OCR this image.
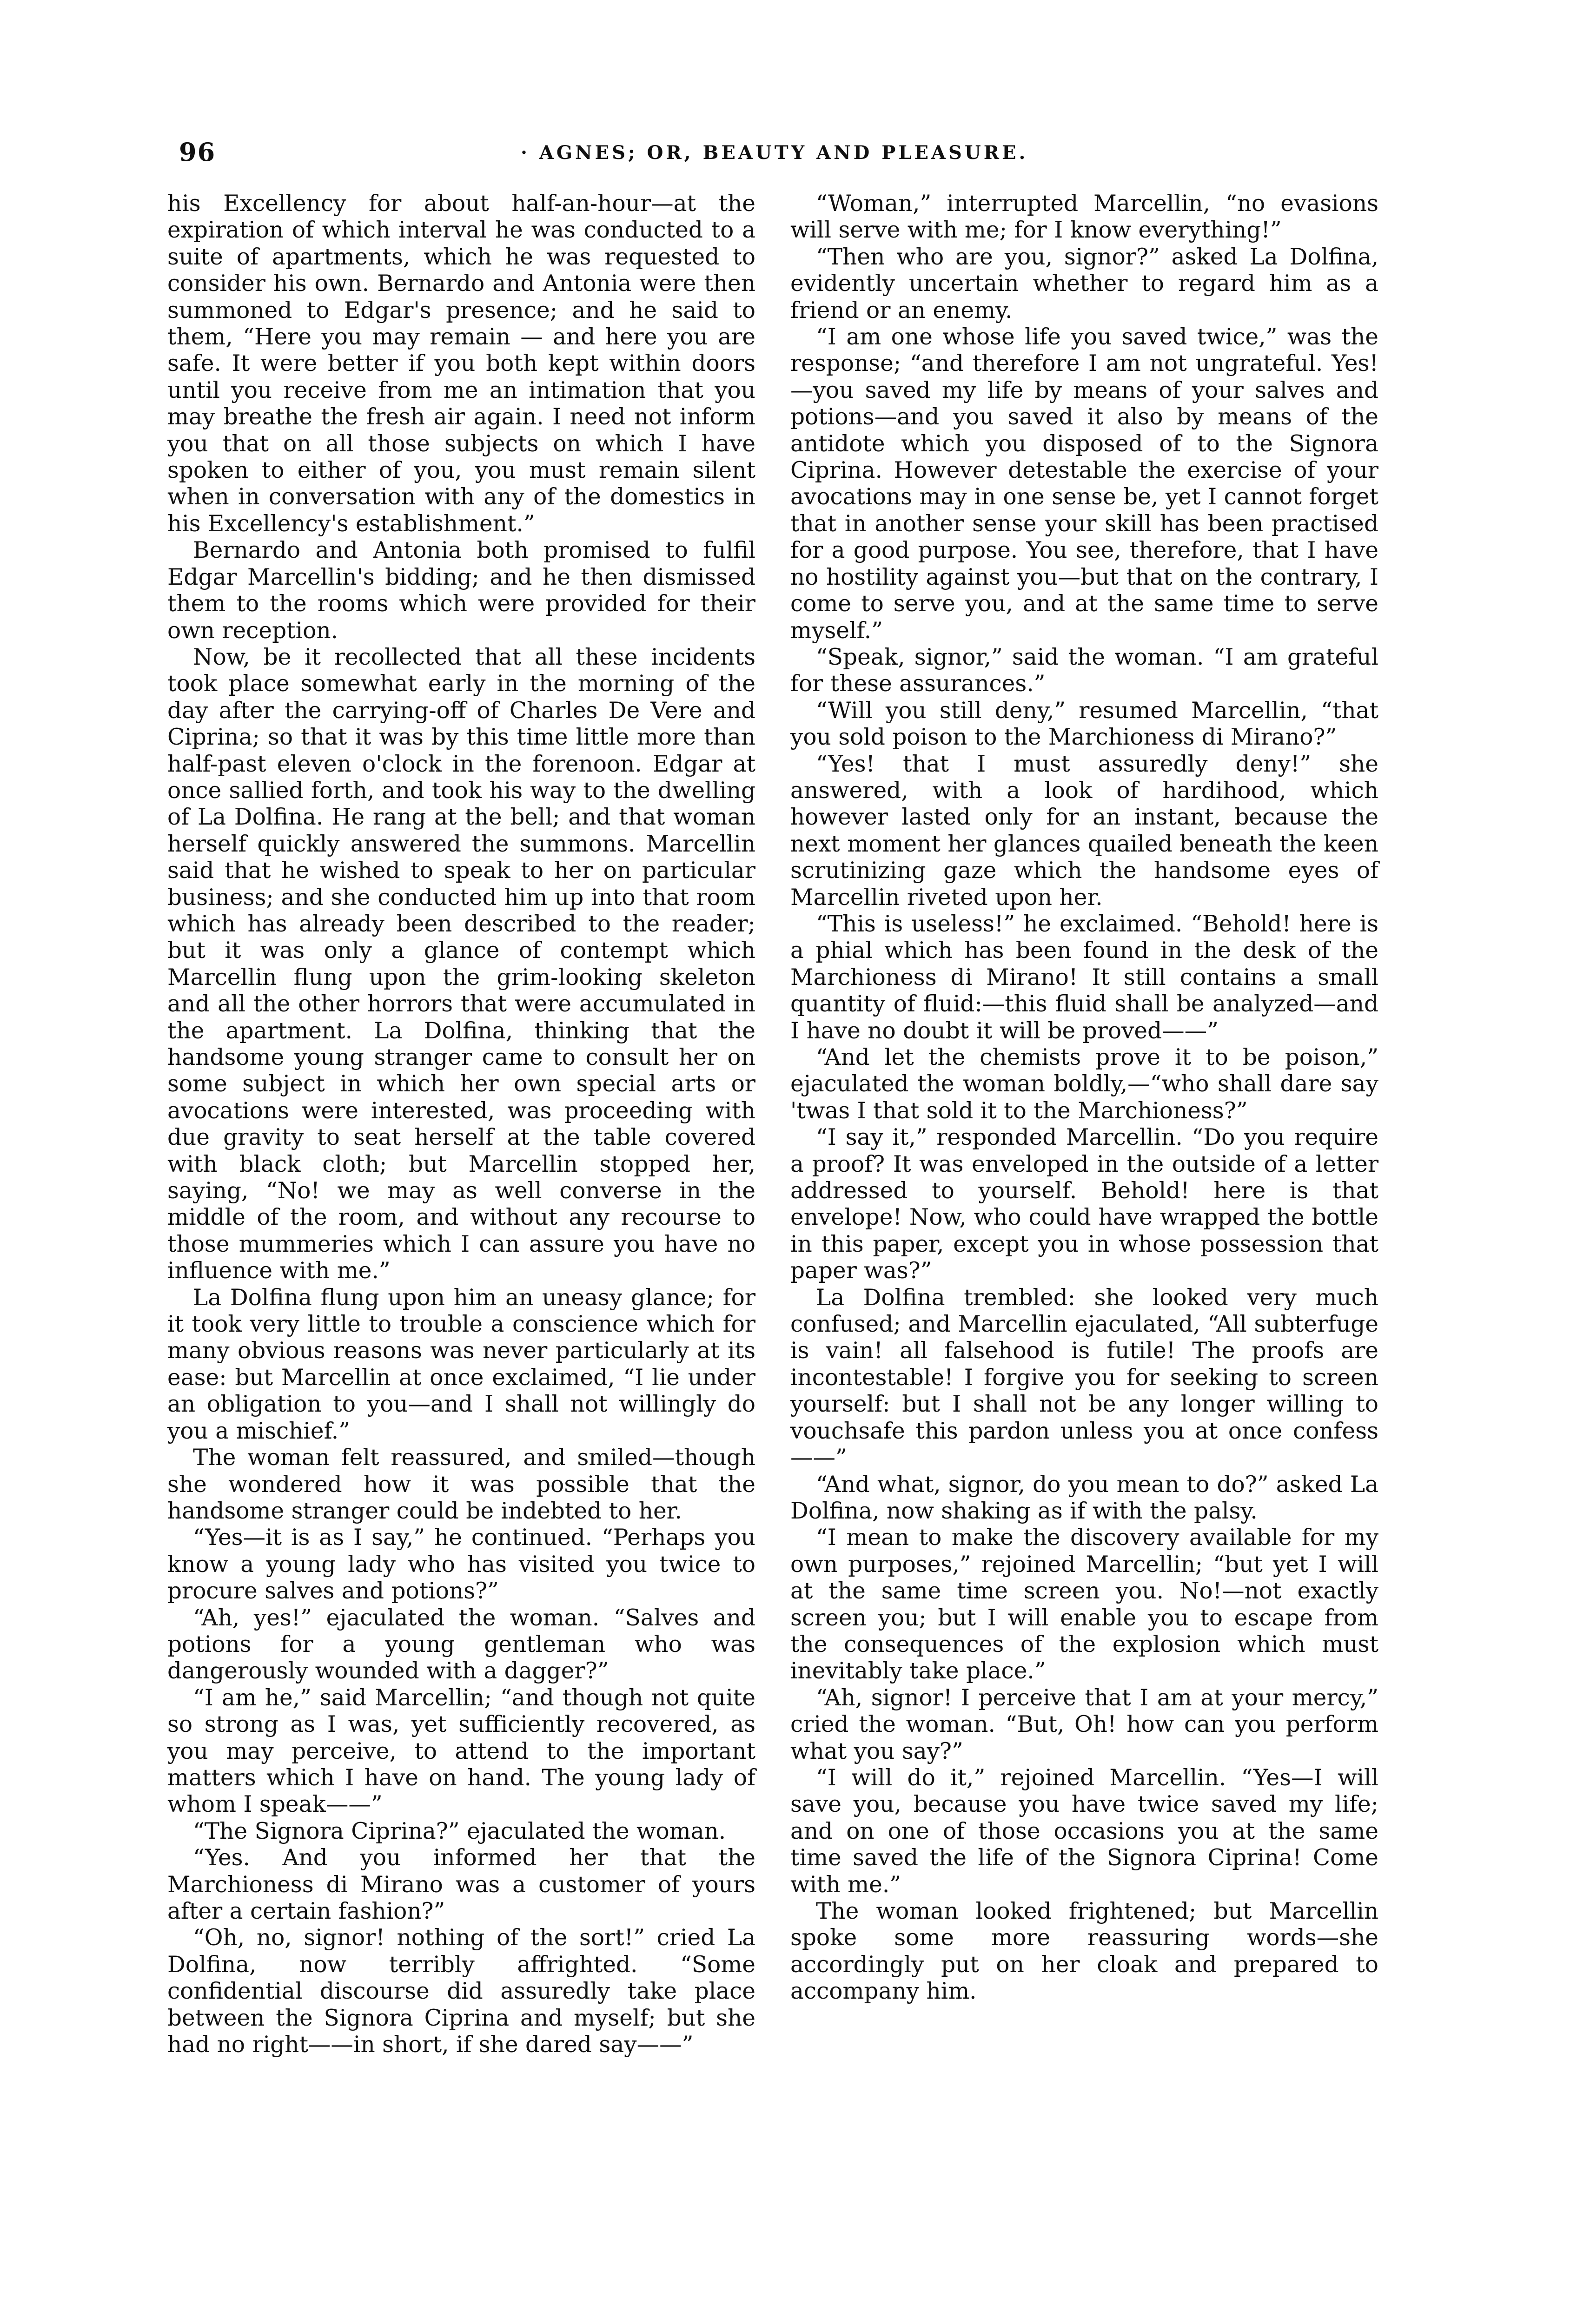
96	· AGNES; OR, BEAUTY AND PLEASURE.

his Excellency for about half-an-hour—at the expiration of which interval he was conducted to a suite of apartments, which he was requested to consider his own. Bernardo and Antonia were then summoned to Edgar's presence; and he said to them, “Here you may remain — and here you are safe. It were better if you both kept within doors until you receive from me an intimation that you may breathe the fresh air again. I need not inform you that on all those subjects on which I have spoken to either of you, you must remain silent when in conversation with any of the domestics in his Excellency's establishment.”

Bernardo and Antonia both promised to fulfil Edgar Marcellin's bidding; and he then dismissed them to the rooms which were provided for their own reception.

Now, be it recollected that all these incidents took place somewhat early in the morning of the day after the carrying-off of Charles De Vere and Ciprina; so that it was by this time little more than half-past eleven o'clock in the forenoon. Edgar at once sallied forth, and took his way to the dwelling of La Dolfina. He rang at the bell; and that woman herself quickly answered the summons. Marcellin said that he wished to speak to her on particular business; and she conducted him up into that room which has already been described to the reader; but it was only a glance of contempt which Marcellin flung upon the grim-looking skeleton and all the other horrors that were accumulated in the apartment. La Dolfina, thinking that the handsome young stranger came to consult her on some subject in which her own special arts or avocations were interested, was proceeding with due gravity to seat herself at the table covered with black cloth; but Marcellin stopped her, saying, “No! we may as well converse in the middle of the room, and without any recourse to those mummeries which I can assure you have no influence with me.”

La Dolfina flung upon him an uneasy glance; for it took very little to trouble a conscience which for many obvious reasons was never particularly at its ease: but Marcellin at once exclaimed, “I lie under an obligation to you—and I shall not willingly do you a mischief.”

The woman felt reassured, and smiled—though she wondered how it was possible that the handsome stranger could be indebted to her.

“Yes—it is as I say,” he continued. “Perhaps you know a young lady who has visited you twice to procure salves and potions?”

“Ah, yes!” ejaculated the woman. “Salves and potions for a young gentleman who was dangerously wounded with a dagger?”

“I am he,” said Marcellin; “and though not quite so strong as I was, yet sufficiently recovered, as you may perceive, to attend to the important matters which I have on hand. The young lady of whom I speak——”

“The Signora Ciprina?” ejaculated the woman.

“Yes. And you informed her that the Marchioness di Mirano was a customer of yours after a certain fashion?”

“Oh, no, signor! nothing of the sort!” cried La Dolfina, now terribly affrighted. “Some confidential discourse did assuredly take place between the Signora Ciprina and myself; but she had no right——in short, if she dared say——”

“Woman,” interrupted Marcellin, “no evasions will serve with me; for I know everything!”

“Then who are you, signor?” asked La Dolfina, evidently uncertain whether to regard him as a friend or an enemy.

“I am one whose life you saved twice,” was the response; “and therefore I am not ungrateful. Yes!—you saved my life by means of your salves and potions—and you saved it also by means of the antidote which you disposed of to the Signora Ciprina. However detestable the exercise of your avocations may in one sense be, yet I cannot forget that in another sense your skill has been practised for a good purpose. You see, therefore, that I have no hostility against you—but that on the contrary, I come to serve you, and at the same time to serve myself.”

“Speak, signor,” said the woman. “I am grateful for these assurances.”

“Will you still deny,” resumed Marcellin, “that you sold poison to the Marchioness di Mirano?”

“Yes! that I must assuredly deny!” she answered, with a look of hardihood, which however lasted only for an instant, because the next moment her glances quailed beneath the keen scrutinizing gaze which the handsome eyes of Marcellin riveted upon her.

“This is useless!” he exclaimed. “Behold! here is a phial which has been found in the desk of the Marchioness di Mirano! It still contains a small quantity of fluid:—this fluid shall be analyzed—and I have no doubt it will be proved——”

“And let the chemists prove it to be poison,” ejaculated the woman boldly,—“who shall dare say 'twas I that sold it to the Marchioness?”

“I say it,” responded Marcellin. “Do you require a proof? It was enveloped in the outside of a letter addressed to yourself. Behold! here is that envelope! Now, who could have wrapped the bottle in this paper, except you in whose possession that paper was?”

La Dolfina trembled: she looked very much confused; and Marcellin ejaculated, “All subterfuge is vain! all falsehood is futile! The proofs are incontestable! I forgive you for seeking to screen yourself: but I shall not be any longer willing to vouchsafe this pardon unless you at once confess——”

“And what, signor, do you mean to do?” asked La Dolfina, now shaking as if with the palsy.

“I mean to make the discovery available for my own purposes,” rejoined Marcellin; “but yet I will at the same time screen you. No!—not exactly screen you; but I will enable you to escape from the consequences of the explosion which must inevitably take place.”

“Ah, signor! I perceive that I am at your mercy,” cried the woman. “But, Oh! how can you perform what you say?”

“I will do it,” rejoined Marcellin. “Yes—I will save you, because you have twice saved my life; and on one of those occasions you at the same time saved the life of the Signora Ciprina! Come with me.”

The woman looked frightened; but Marcellin spoke some more reassuring words—she accordingly put on her cloak and prepared to accompany him.
